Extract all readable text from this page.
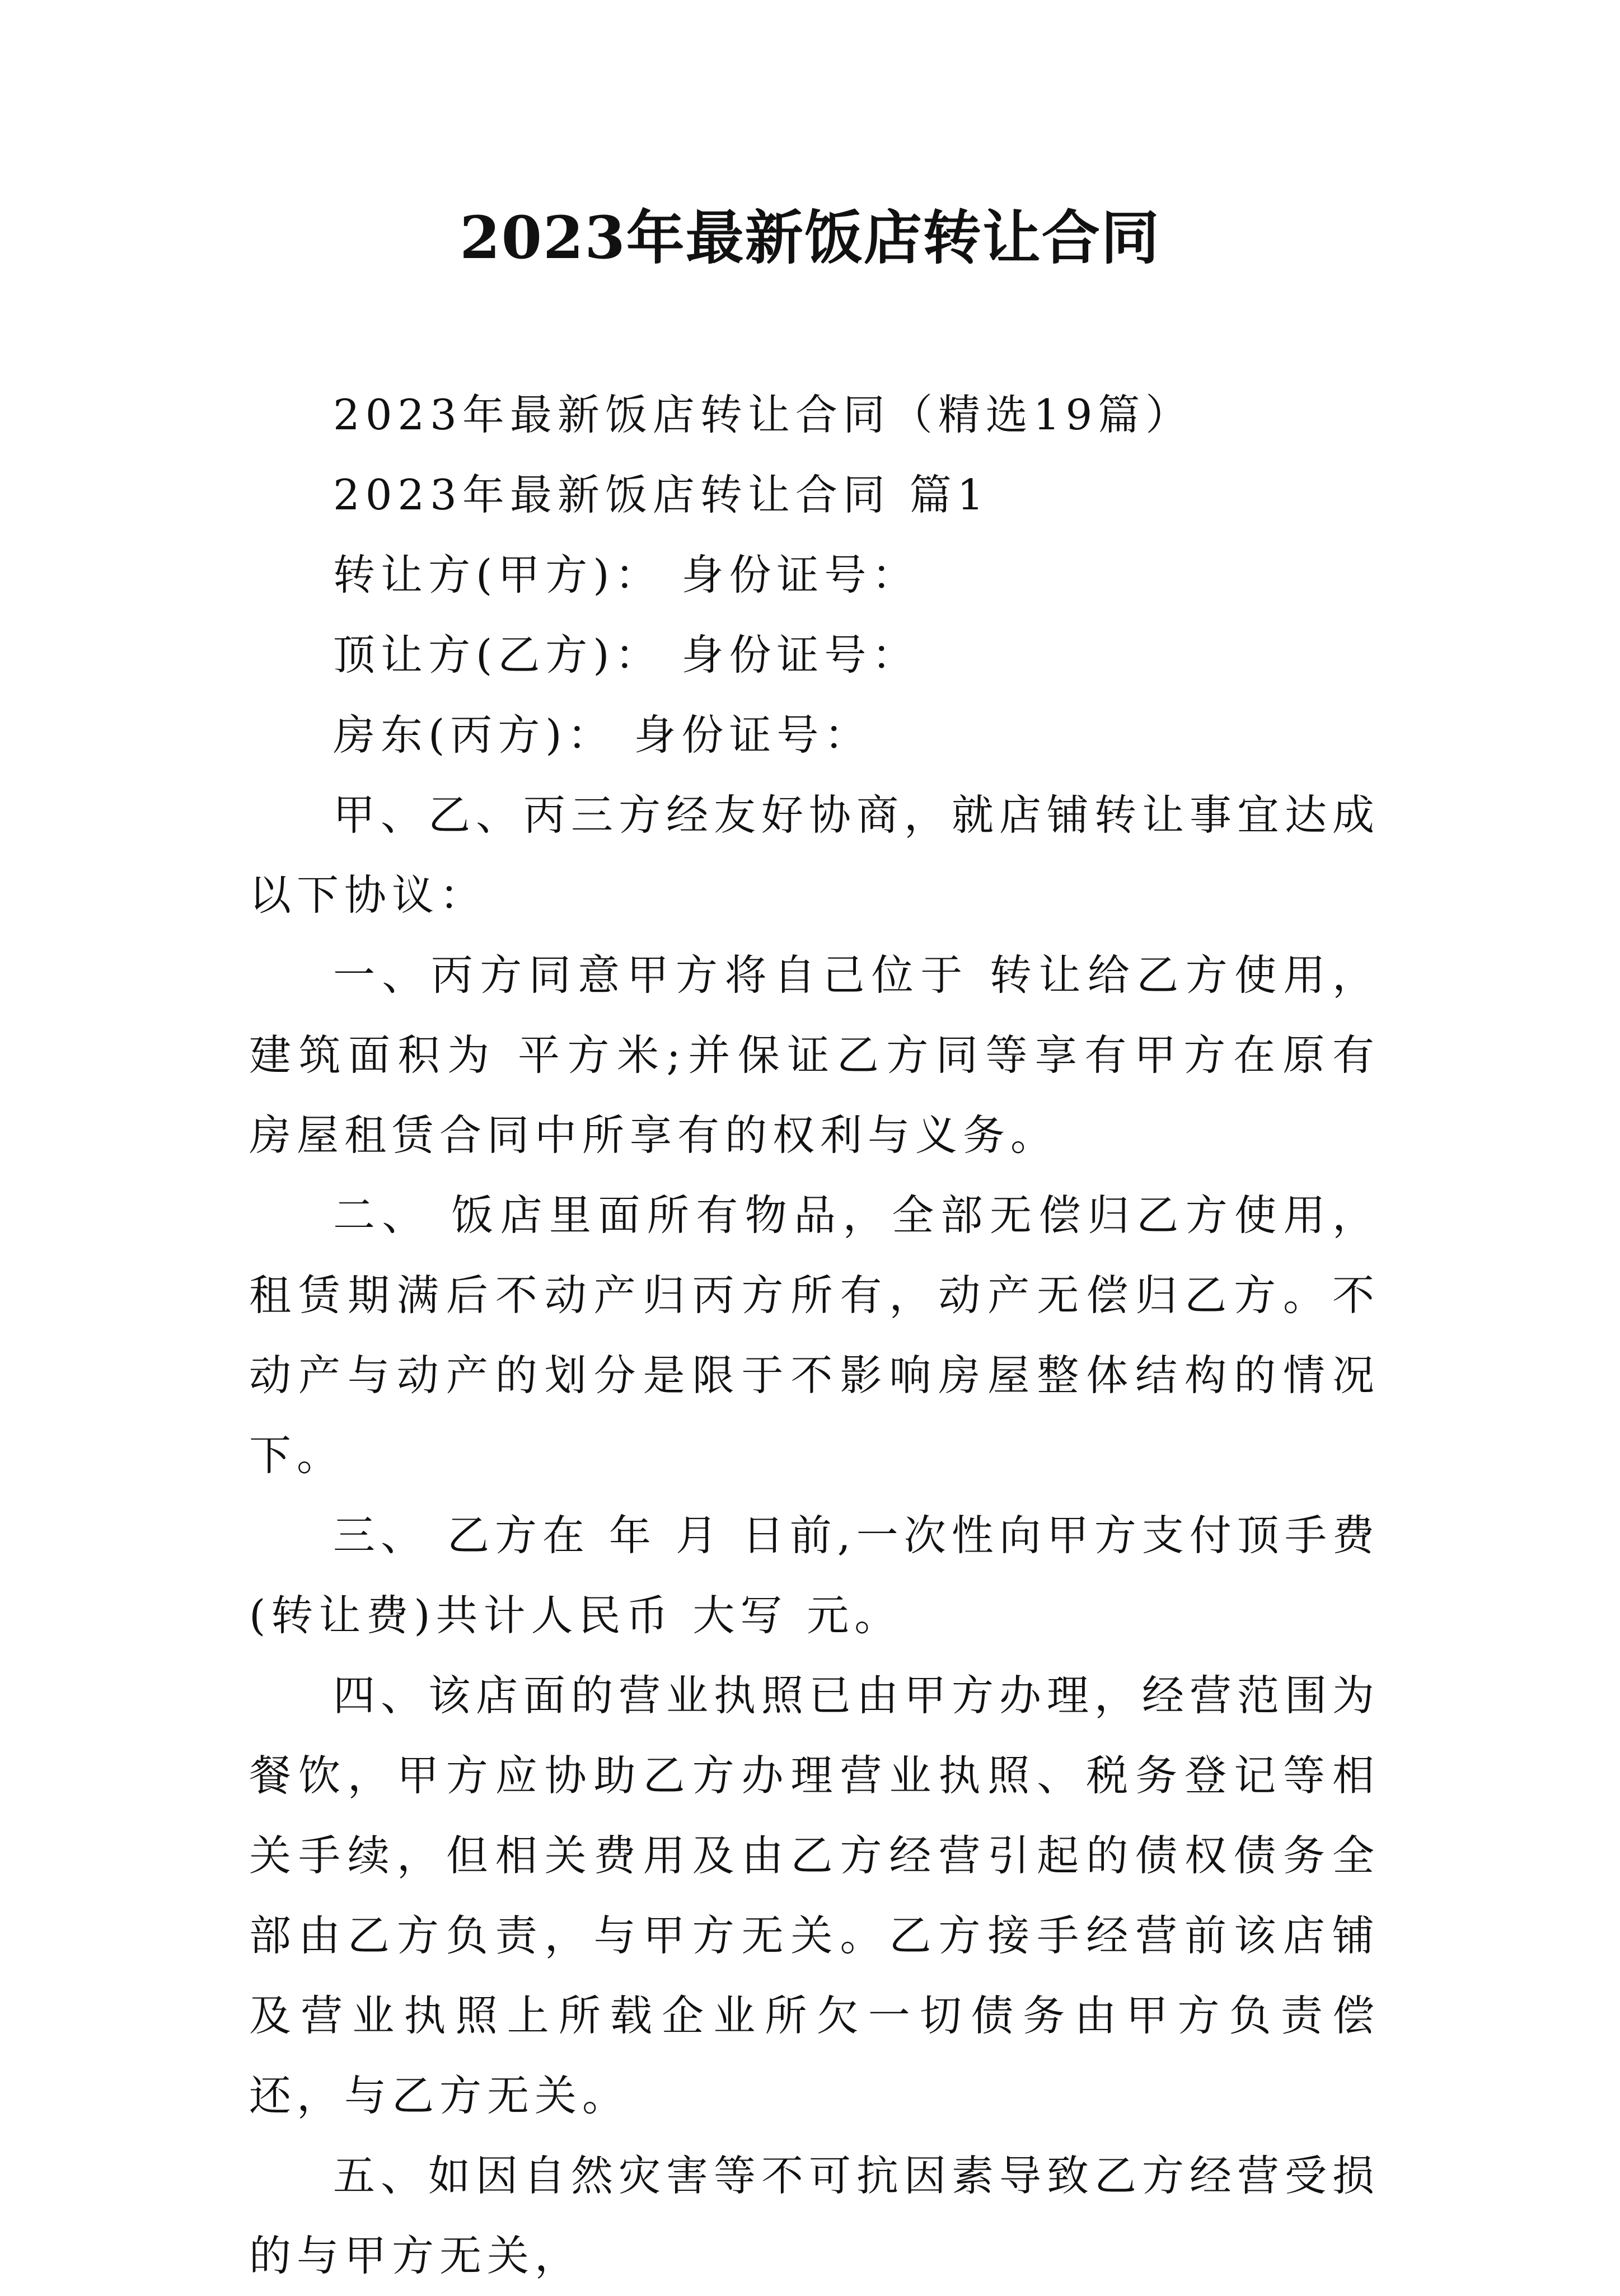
2023年最新饭店转让合同

2023年最新饭店转让合同（精选19篇）

2023年最新饭店转让合同 篇1

转让方(甲方)： 身份证号：

顶让方(乙方)： 身份证号：

房东(丙方)： 身份证号：

甲、乙、丙三方经友好协商，就店铺转让事宜达成以下协议：

一、丙方同意甲方将自己位于 转让给乙方使用，建筑面积为 平方米;并保证乙方同等享有甲方在原有房屋租赁合同中所享有的权利与义务。

二、 饭店里面所有物品，全部无偿归乙方使用，租赁期满后不动产归丙方所有，动产无偿归乙方。不动产与动产的划分是限于不影响房屋整体结构的情况下。

三、 乙方在 年 月 日前,一次性向甲方支付顶手费(转让费)共计人民币 大写 元。

四、该店面的营业执照已由甲方办理，经营范围为餐饮，甲方应协助乙方办理营业执照、税务登记等相关手续，但相关费用及由乙方经营引起的债权债务全部由乙方负责，与甲方无关。乙方接手经营前该店铺及营业执照上所载企业所欠一切债务由甲方负责偿还，与乙方无关。

五、如因自然灾害等不可抗因素导致乙方经营受损的与甲方无关，
